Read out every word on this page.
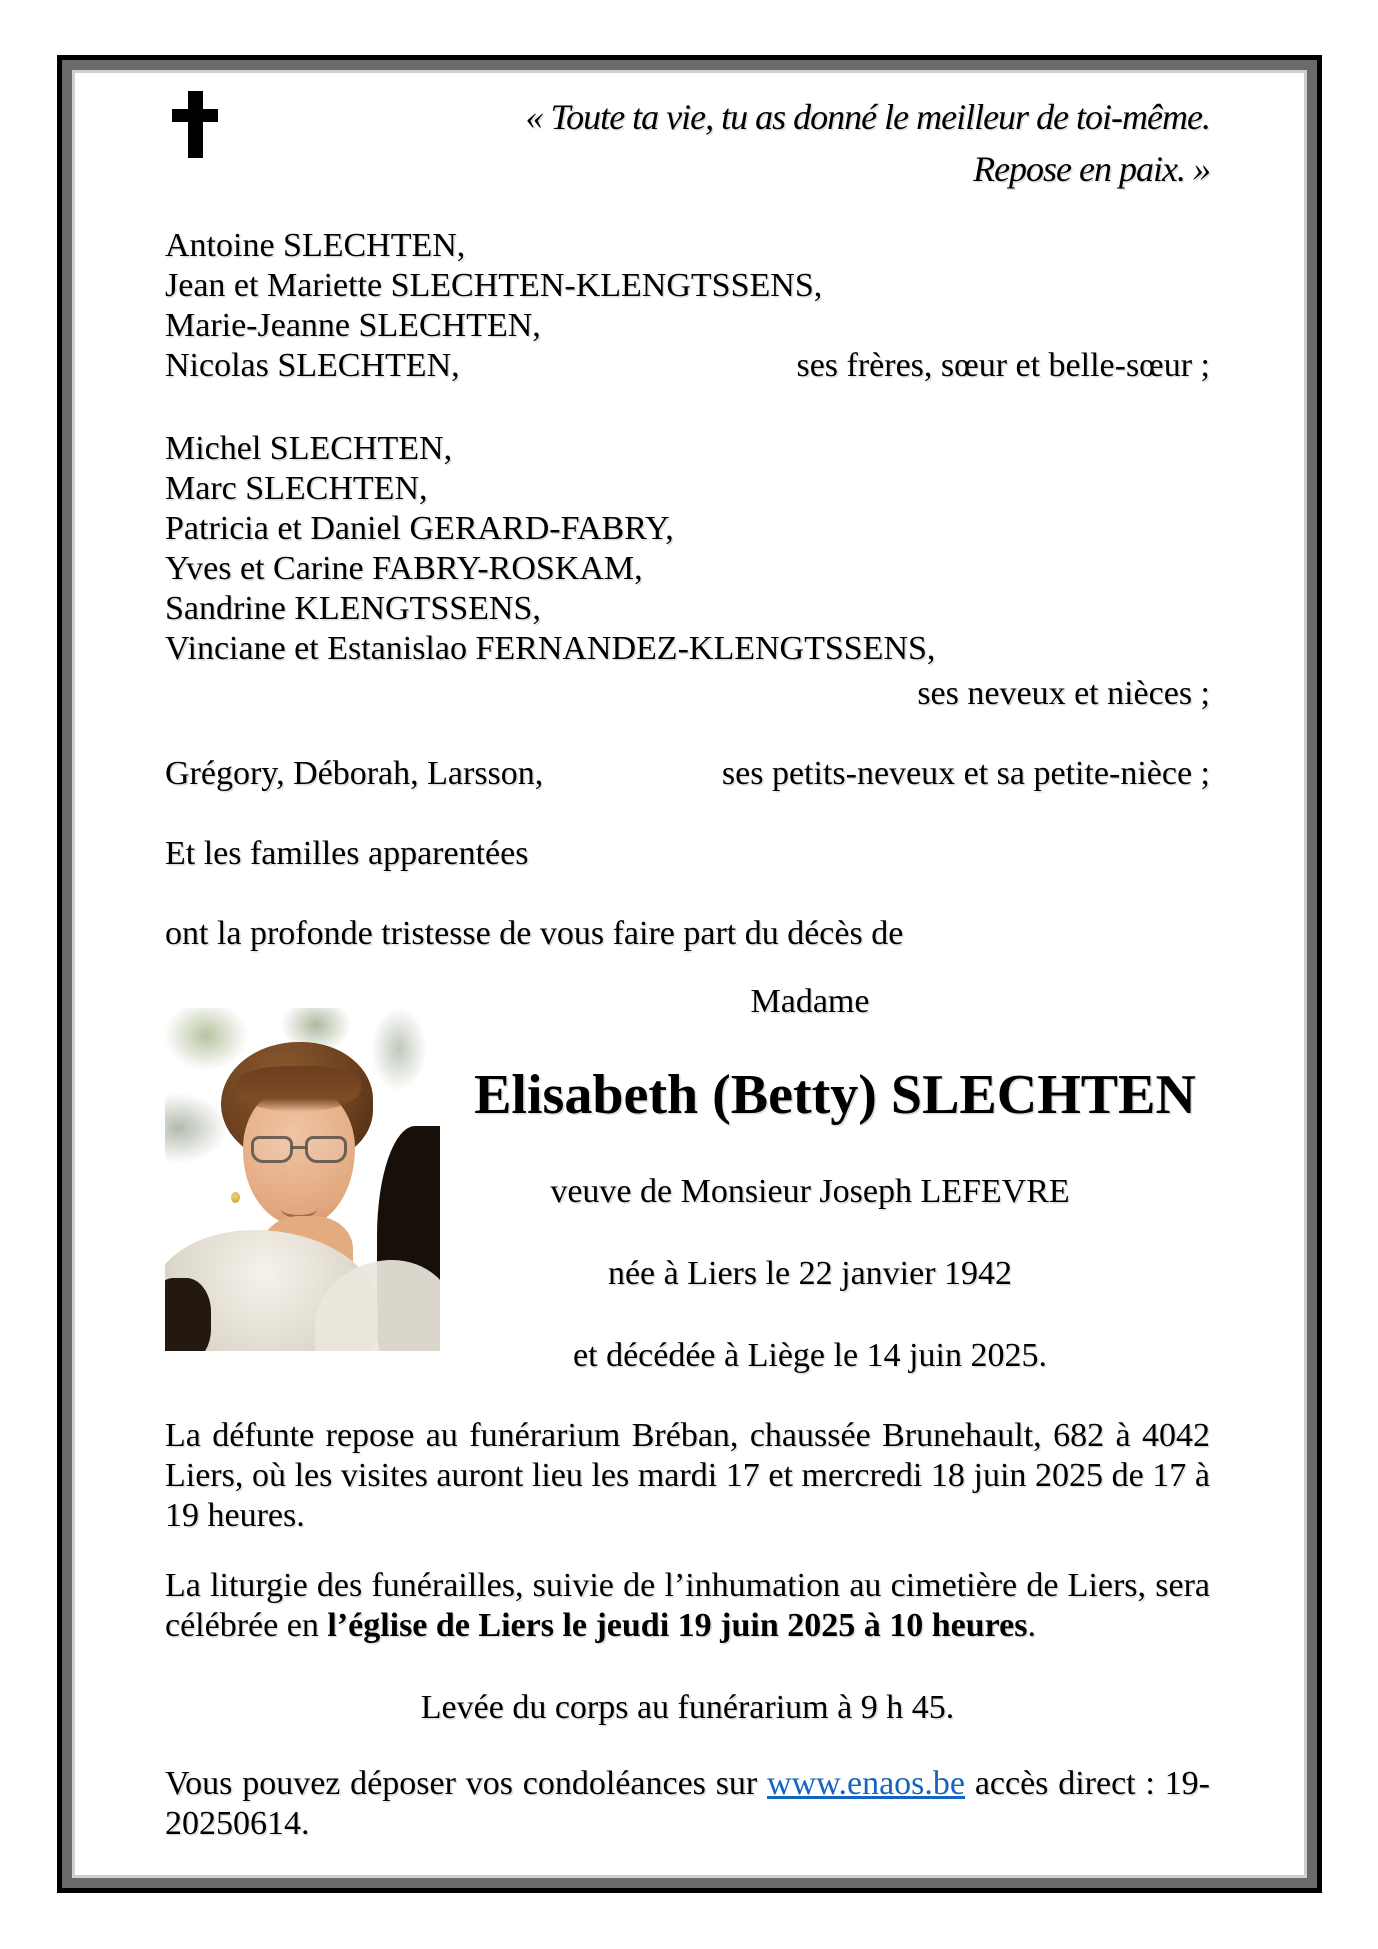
« Toute ta vie, tu as donné le meilleur de toi-même.
Repose en paix. »
Antoine SLECHTEN,
Jean et Mariette SLECHTEN-KLENGTSSENS,
Marie-Jeanne SLECHTEN,
Nicolas SLECHTEN,	ses frères, sœur et belle-sœur ;
Michel SLECHTEN,
Marc SLECHTEN,
Patricia et Daniel GERARD-FABRY,
Yves et Carine FABRY-ROSKAM,
Sandrine KLENGTSSENS,
Vinciane et Estanislao FERNANDEZ-KLENGTSSENS,
ses neveux et nièces ;
Grégory, Déborah, Larsson,	ses petits-neveux et sa petite-nièce ;
Et les familles apparentées
ont la profonde tristesse de vous faire part du décès de
Madame
Elisabeth (Betty) SLECHTEN
veuve de Monsieur Joseph LEFEVRE
née à Liers le 22 janvier 1942
et décédée à Liège le 14 juin 2025.

La défunte repose au funérarium Bréban, chaussée Brunehault, 682 à 4042 Liers, où les visites auront lieu les mardi 17 et mercredi 18 juin 2025 de 17 à 19 heures.

La liturgie des funérailles, suivie de l’inhumation au cimetière de Liers, sera célébrée en l’église de Liers le jeudi 19 juin 2025 à 10 heures.

Levée du corps au funérarium à 9 h 45.

Vous pouvez déposer vos condoléances sur www.enaos.be accès direct : 19-20250614.
